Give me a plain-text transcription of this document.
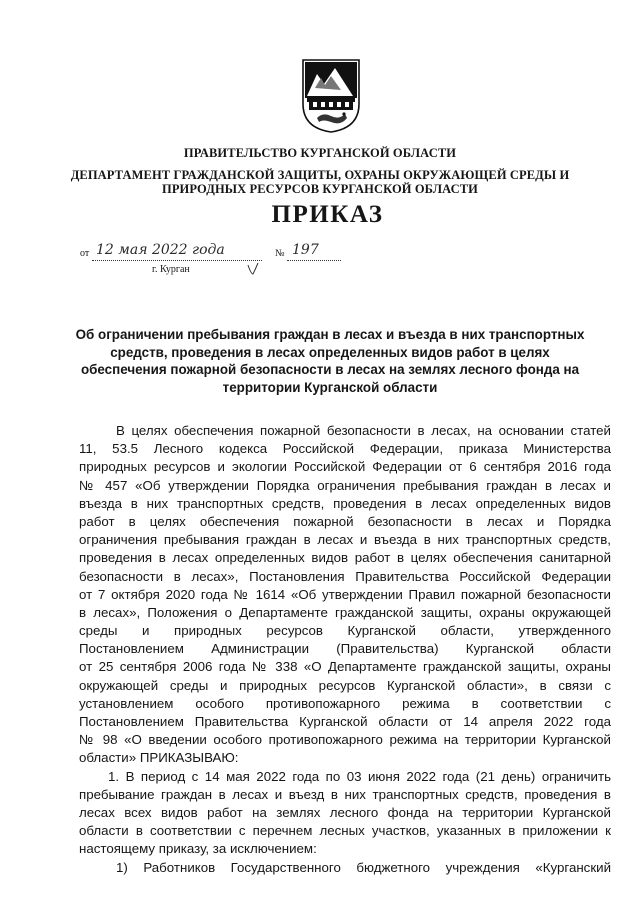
ПРАВИТЕЛЬСТВО КУРГАНСКОЙ ОБЛАСТИ
ДЕПАРТАМЕНТ ГРАЖДАНСКОЙ ЗАЩИТЫ, ОХРАНЫ ОКРУЖАЮЩЕЙ СРЕДЫ И
ПРИРОДНЫХ РЕСУРСОВ КУРГАНСКОЙ ОБЛАСТИ
ПРИКАЗ
от 12 мая 2022 года	№ 197
г. Курган
Об ограничении пребывания граждан в лесах и въезда в них транспортных
средств, проведения в лесах определенных видов работ в целях
обеспечения пожарной безопасности в лесах на землях лесного фонда на
территории Курганской области
В целях обеспечения пожарной безопасности в лесах, на основании статей
11, 53.5 Лесного кодекса Российской Федерации, приказа Министерства
природных ресурсов и экологии Российской Федерации от 6 сентября 2016 года
№ 457 «Об утверждении Порядка ограничения пребывания граждан в лесах и
въезда в них транспортных средств, проведения в лесах определенных видов
работ в целях обеспечения пожарной безопасности в лесах и Порядка
ограничения пребывания граждан в лесах и въезда в них транспортных средств,
проведения в лесах определенных видов работ в целях обеспечения санитарной
безопасности в лесах», Постановления Правительства Российской Федерации
от 7 октября 2020 года № 1614 «Об утверждении Правил пожарной безопасности
в лесах», Положения о Департаменте гражданской защиты, охраны окружающей
среды и природных ресурсов Курганской области, утвержденного
Постановлением Администрации (Правительства) Курганской области
от 25 сентября 2006 года № 338 «О Департаменте гражданской защиты, охраны
окружающей среды и природных ресурсов Курганской области», в связи с
установлением особого противопожарного режима в соответствии с
Постановлением Правительства Курганской области от 14 апреля 2022 года
№ 98 «О введении особого противопожарного режима на территории Курганской
области» ПРИКАЗЫВАЮ:
1. В период с 14 мая 2022 года по 03 июня 2022 года (21 день) ограничить
пребывание граждан в лесах и въезд в них транспортных средств, проведения в
лесах всех видов работ на землях лесного фонда на территории Курганской
области в соответствии с перечнем лесных участков, указанных в приложении к
настоящему приказу, за исключением:
1) Работников Государственного бюджетного учреждения «Курганский
